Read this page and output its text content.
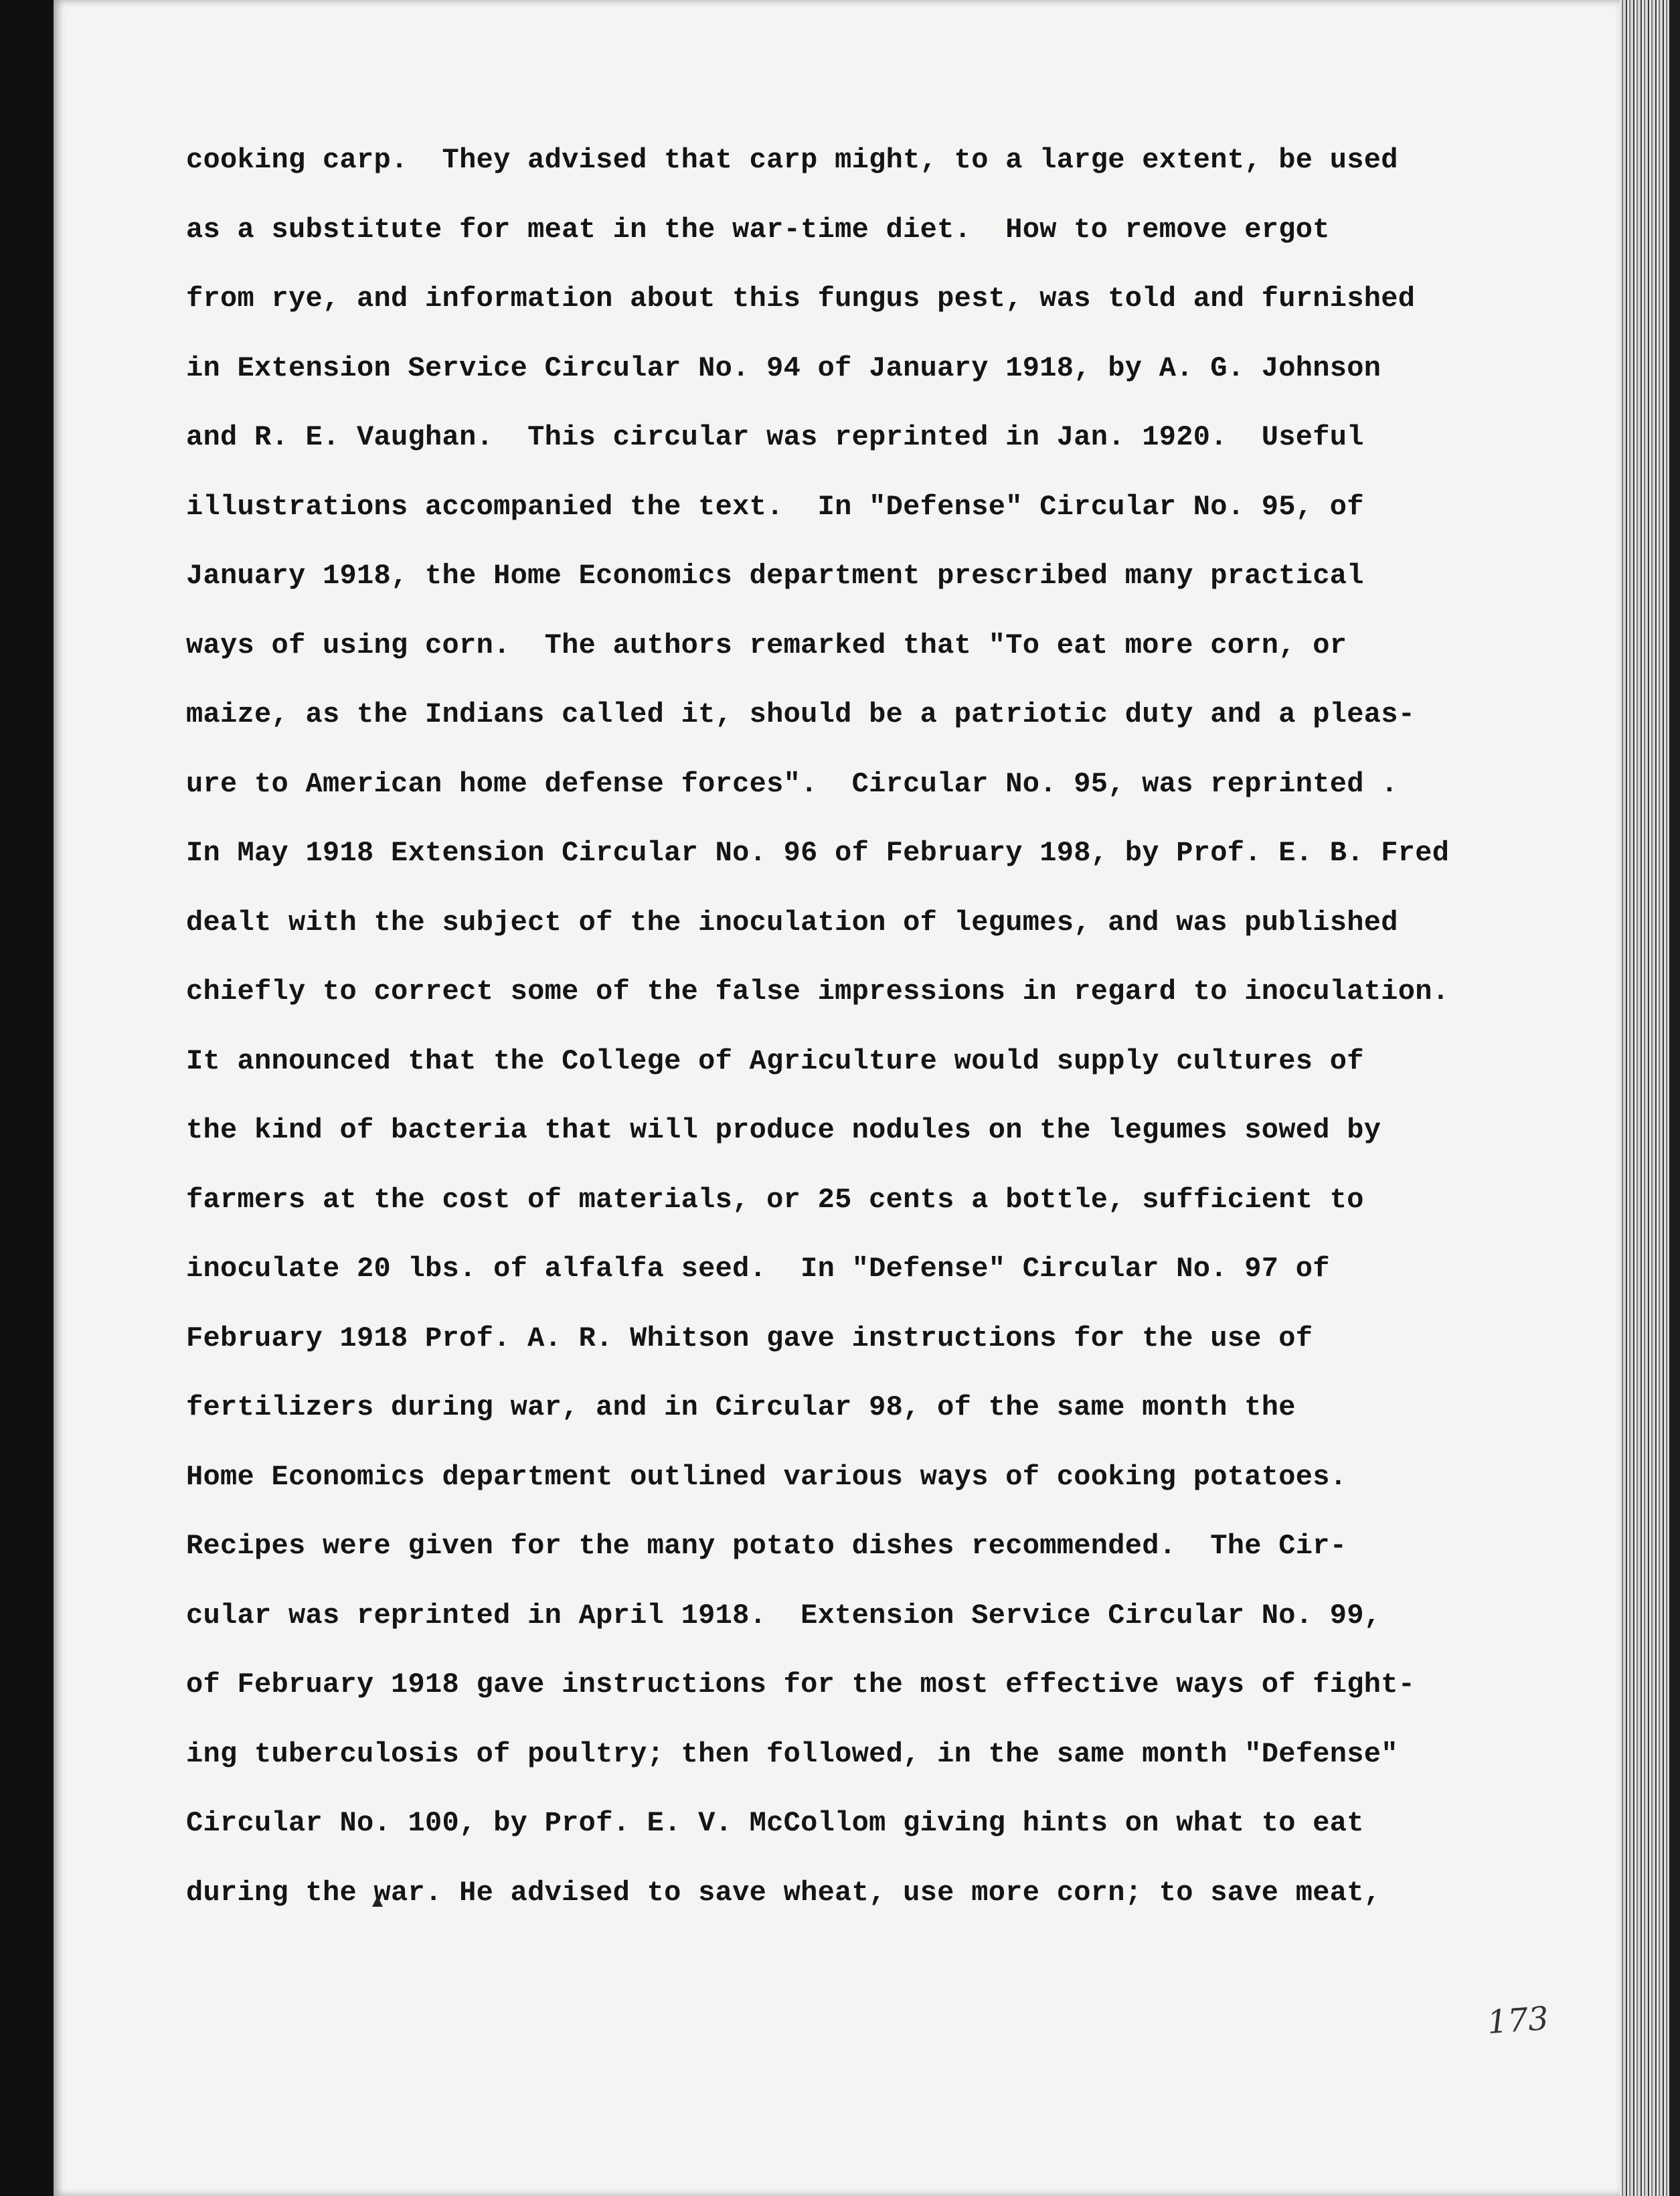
cooking carp.  They advised that carp might, to a large extent, be used
as a substitute for meat in the war-time diet.  How to remove ergot
from rye, and information about this fungus pest, was told and furnished
in Extension Service Circular No. 94 of January 1918, by A. G. Johnson
and R. E. Vaughan.  This circular was reprinted in Jan. 1920.  Useful
illustrations accompanied the text.  In "Defense" Circular No. 95, of
January 1918, the Home Economics department prescribed many practical
ways of using corn.  The authors remarked that "To eat more corn, or
maize, as the Indians called it, should be a patriotic duty and a pleas-
ure to American home defense forces".  Circular No. 95, was reprinted .
In May 1918 Extension Circular No. 96 of February 198, by Prof. E. B. Fred
dealt with the subject of the inoculation of legumes, and was published
chiefly to correct some of the false impressions in regard to inoculation.
It announced that the College of Agriculture would supply cultures of
the kind of bacteria that will produce nodules on the legumes sowed by
farmers at the cost of materials, or 25 cents a bottle, sufficient to
inoculate 20 lbs. of alfalfa seed.  In "Defense" Circular No. 97 of
February 1918 Prof. A. R. Whitson gave instructions for the use of
fertilizers during war, and in Circular 98, of the same month the
Home Economics department outlined various ways of cooking potatoes.
Recipes were given for the many potato dishes recommended.  The Cir-
cular was reprinted in April 1918.  Extension Service Circular No. 99,
of February 1918 gave instructions for the most effective ways of fight-
ing tuberculosis of poultry; then followed, in the same month "Defense"
Circular No. 100, by Prof. E. V. McCollom giving hints on what to eat
during the war. He advised to save wheat, use more corn; to save meat,
173
